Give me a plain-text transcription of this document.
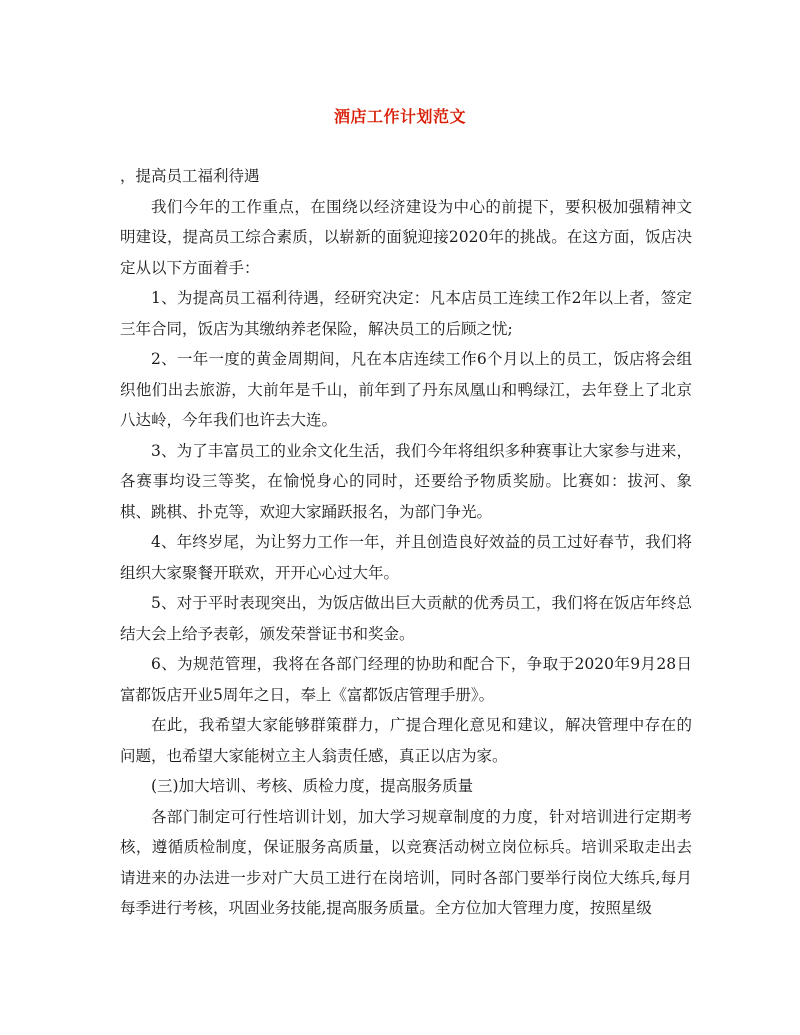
酒店工作计划范文

，提高员工福利待遇

我们今年的工作重点，在围绕以经济建设为中心的前提下，要积极加强精神文明建设，提高员工综合素质，以崭新的面貌迎接2020年的挑战。在这方面，饭店决定从以下方面着手：

1、为提高员工福利待遇，经研究决定：凡本店员工连续工作2年以上者，签定三年合同，饭店为其缴纳养老保险，解决员工的后顾之忧;

2、一年一度的黄金周期间，凡在本店连续工作6个月以上的员工，饭店将会组织他们出去旅游，大前年是千山，前年到了丹东凤凰山和鸭绿江，去年登上了北京八达岭，今年我们也许去大连。

3、为了丰富员工的业余文化生活，我们今年将组织多种赛事让大家参与进来，各赛事均设三等奖，在愉悦身心的同时，还要给予物质奖励。比赛如：拔河、象棋、跳棋、扑克等，欢迎大家踊跃报名，为部门争光。

4、年终岁尾，为让努力工作一年，并且创造良好效益的员工过好春节，我们将组织大家聚餐开联欢，开开心心过大年。

5、对于平时表现突出，为饭店做出巨大贡献的优秀员工，我们将在饭店年终总结大会上给予表彰，颁发荣誉证书和奖金。

6、为规范管理，我将在各部门经理的协助和配合下，争取于2020年9月28日 富都饭店开业5周年之日，奉上《富都饭店管理手册》。

在此，我希望大家能够群策群力，广提合理化意见和建议，解决管理中存在的问题，也希望大家能树立主人翁责任感，真正以店为家。

(三)加大培训、考核、质检力度，提高服务质量

各部门制定可行性培训计划，加大学习规章制度的力度，针对培训进行定期考核，遵循质检制度，保证服务高质量，以竞赛活动树立岗位标兵。培训采取走出去请进来的办法进一步对广大员工进行在岗培训，同时各部门要举行岗位大练兵,每月每季进行考核，巩固业务技能,提高服务质量。全方位加大管理力度，按照星级
